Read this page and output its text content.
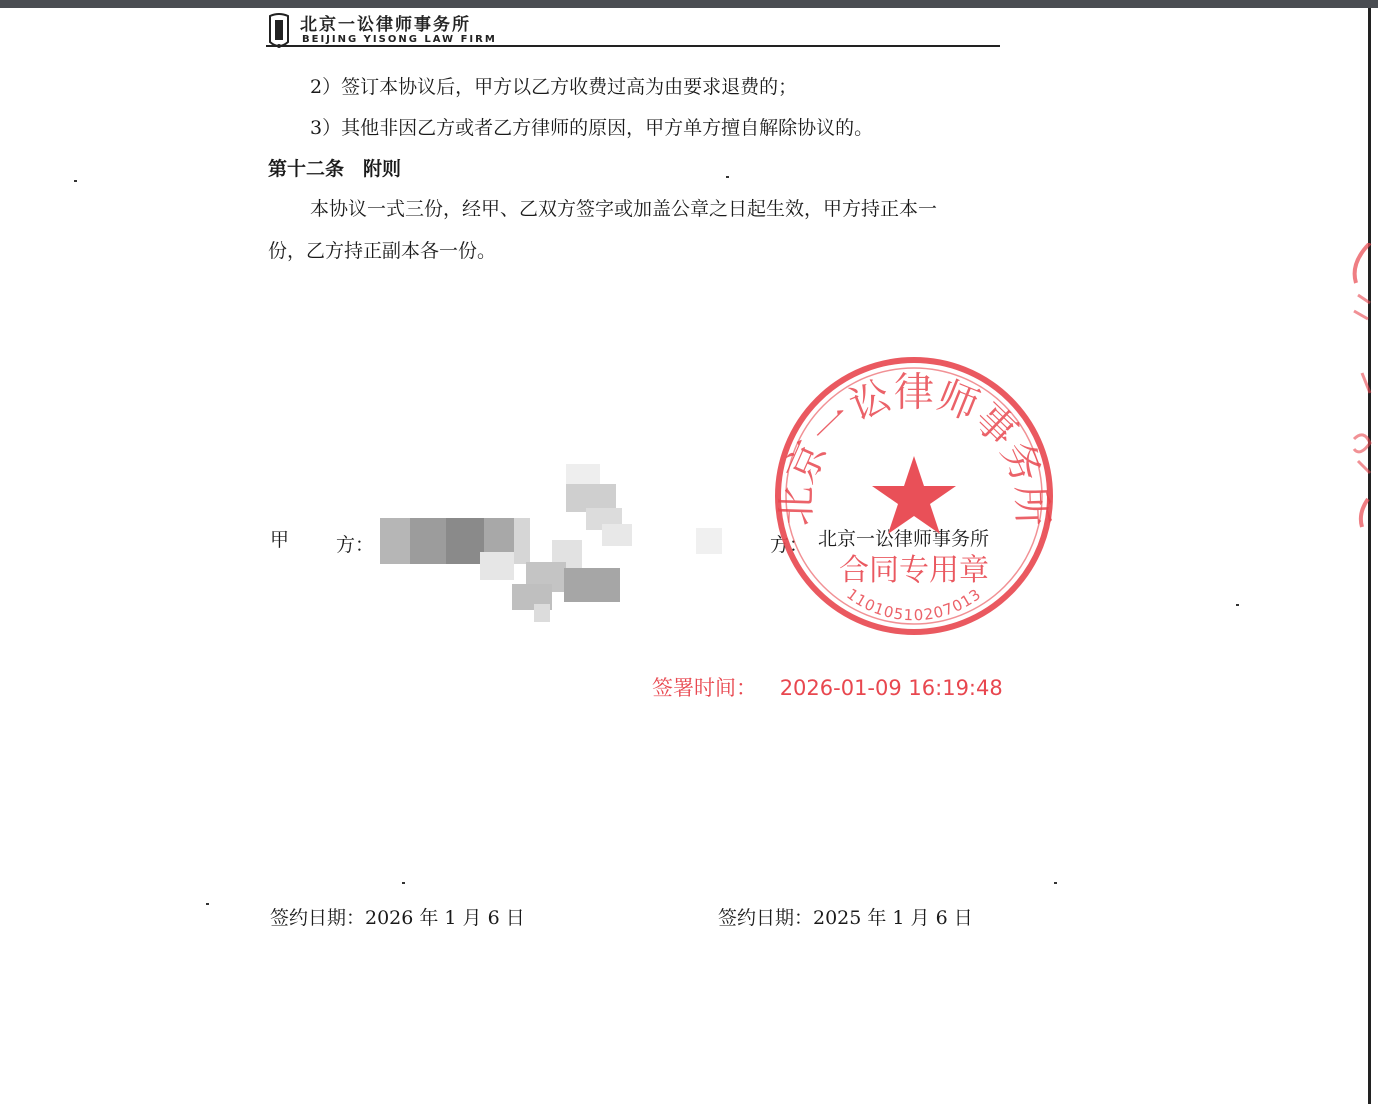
北京一讼律师事务所
BEIJING YISONG LAW FIRM
2）签订本协议后，甲方以乙方收费过高为由要求退费的；
3）其他非因乙方或者乙方律师的原因，甲方单方擅自解除协议的。
第十二条　附则
本协议一式三份，经甲、乙双方签字或加盖公章之日起生效，甲方持正本一
份，乙方持正副本各一份。
甲 方：	方： 北京一讼律师事务所
北京一讼律师事务所
合同专用章
1101051020701​3
签署时间： 2026-01-09 16:19:48
签约日期：2026 年 1 月 6 日	签约日期：2025 年 1 月 6 日
